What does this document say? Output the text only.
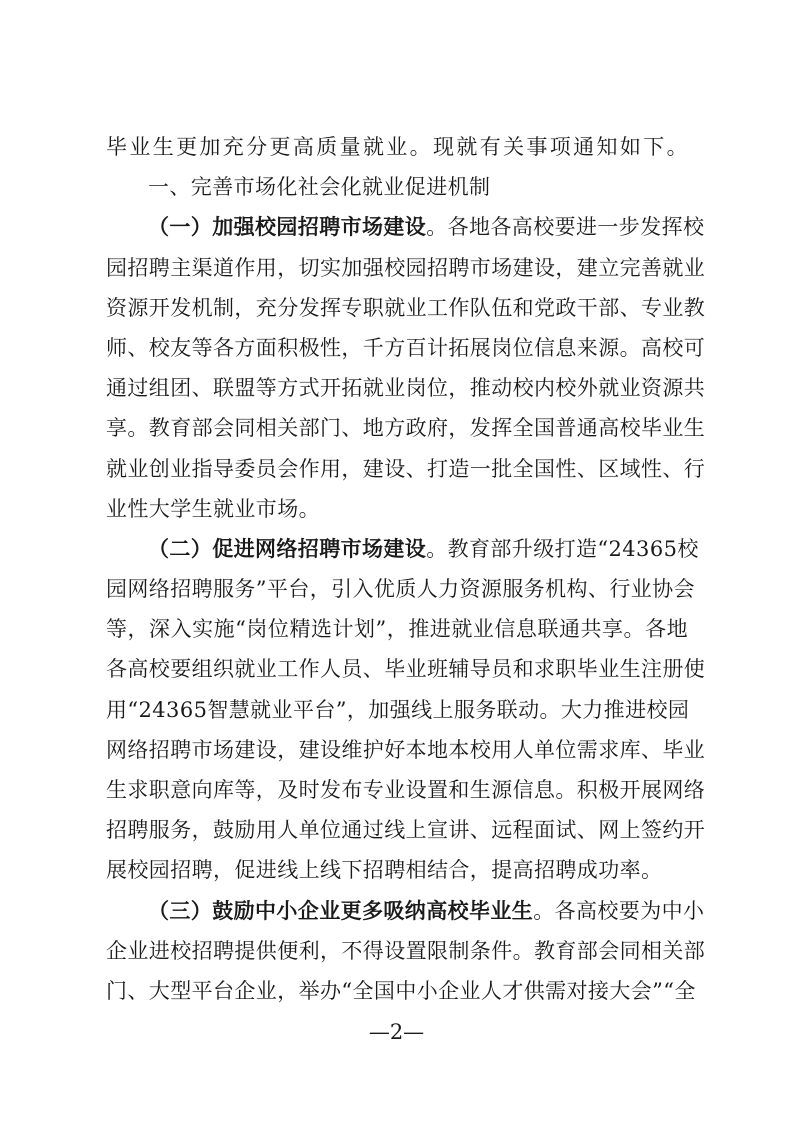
毕业生更加充分更高质量就业。现就有关事项通知如下。
一、完善市场化社会化就业促进机制
（一）加强校园招聘市场建设。各地各高校要进一步发挥校
园招聘主渠道作用，切实加强校园招聘市场建设，建立完善就业
资源开发机制，充分发挥专职就业工作队伍和党政干部、专业教
师、校友等各方面积极性，千方百计拓展岗位信息来源。高校可
通过组团、联盟等方式开拓就业岗位，推动校内校外就业资源共
享。教育部会同相关部门、地方政府，发挥全国普通高校毕业生
就业创业指导委员会作用，建设、打造一批全国性、区域性、行
业性大学生就业市场。
（二）促进网络招聘市场建设。教育部升级打造“24365校
园网络招聘服务”平台，引入优质人力资源服务机构、行业协会
等，深入实施“岗位精选计划”，推进就业信息联通共享。各地
各高校要组织就业工作人员、毕业班辅导员和求职毕业生注册使
用“24365智慧就业平台”，加强线上服务联动。大力推进校园
网络招聘市场建设，建设维护好本地本校用人单位需求库、毕业
生求职意向库等，及时发布专业设置和生源信息。积极开展网络
招聘服务，鼓励用人单位通过线上宣讲、远程面试、网上签约开
展校园招聘，促进线上线下招聘相结合，提高招聘成功率。
（三）鼓励中小企业更多吸纳高校毕业生。各高校要为中小
企业进校招聘提供便利，不得设置限制条件。教育部会同相关部
门、大型平台企业，举办“全国中小企业人才供需对接大会”“全
—2—
